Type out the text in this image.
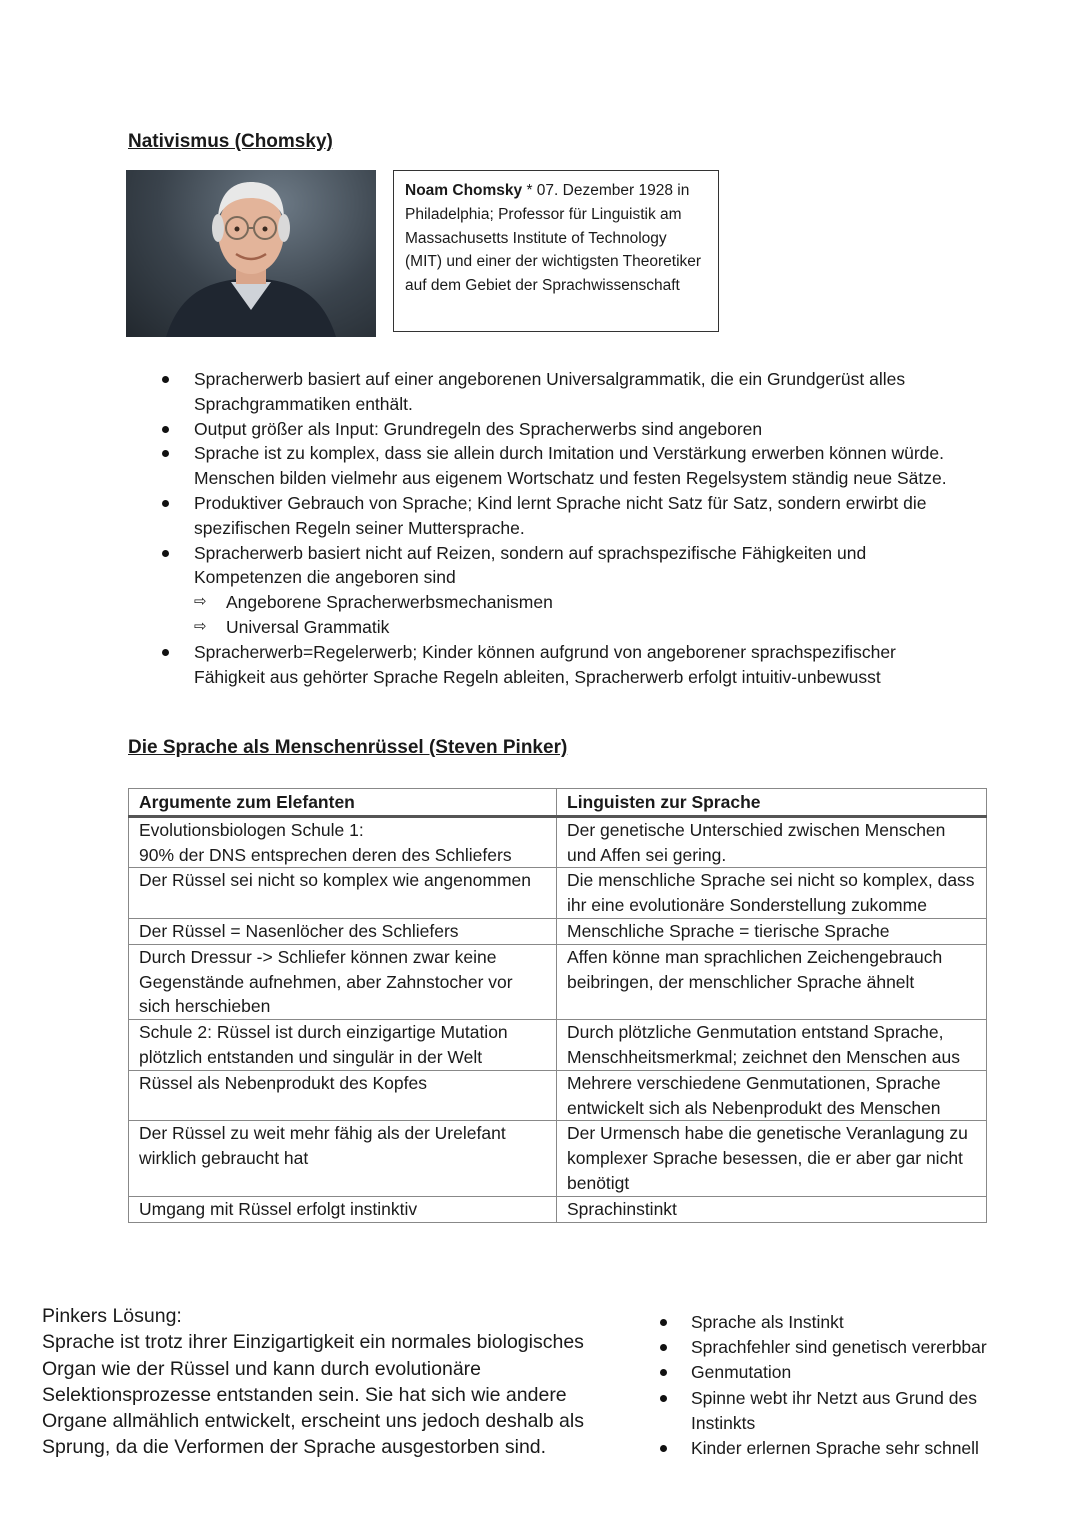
Nativismus (Chomsky)
Noam Chomsky * 07. Dezember 1928 in Philadelphia; Professor für Linguistik am Massachusetts Institute of Technology (MIT) und einer der wichtigsten Theoretiker auf dem Gebiet der Sprachwissenschaft
Spracherwerb basiert auf einer angeborenen Universalgrammatik, die ein Grundgerüst alles Sprachgrammatiken enthält.
Output größer als Input: Grundregeln des Spracherwerbs sind angeboren
Sprache ist zu komplex, dass sie allein durch Imitation und Verstärkung erwerben können würde. Menschen bilden vielmehr aus eigenem Wortschatz und festen Regelsystem ständig neue Sätze.
Produktiver Gebrauch von Sprache; Kind lernt Sprache nicht Satz für Satz, sondern erwirbt die spezifischen Regeln seiner Muttersprache.
Spracherwerb basiert nicht auf Reizen, sondern auf sprachspezifische Fähigkeiten und Kompetenzen die angeboren sind
⇨ Angeborene Spracherwerbsmechanismen
⇨ Universal Grammatik
Spracherwerb=Regelerwerb; Kinder können aufgrund von angeborener sprachspezifischer Fähigkeit aus gehörter Sprache Regeln ableiten, Spracherwerb erfolgt intuitiv-unbewusst
Die Sprache als Menschenrüssel (Steven Pinker)
Argumente zum Elefanten	Linguisten zur Sprache
Evolutionsbiologen Schule 1:
90% der DNS entsprechen deren des Schliefers	Der genetische Unterschied zwischen Menschen und Affen sei gering.
Der Rüssel sei nicht so komplex wie angenommen	Die menschliche Sprache sei nicht so komplex, dass ihr eine evolutionäre Sonderstellung zukomme
Der Rüssel = Nasenlöcher des Schliefers	Menschliche Sprache = tierische Sprache
Durch Dressur -> Schliefer können zwar keine Gegenstände aufnehmen, aber Zahnstocher vor sich herschieben	Affen könne man sprachlichen Zeichengebrauch beibringen, der menschlicher Sprache ähnelt
Schule 2: Rüssel ist durch einzigartige Mutation plötzlich entstanden und singulär in der Welt	Durch plötzliche Genmutation entstand Sprache, Menschheitsmerkmal; zeichnet den Menschen aus
Rüssel als Nebenprodukt des Kopfes	Mehrere verschiedene Genmutationen, Sprache entwickelt sich als Nebenprodukt des Menschen
Der Rüssel zu weit mehr fähig als der Urelefant wirklich gebraucht hat	Der Urmensch habe die genetische Veranlagung zu komplexer Sprache besessen, die er aber gar nicht benötigt
Umgang mit Rüssel erfolgt instinktiv	Sprachinstinkt

Pinkers Lösung:

Sprache ist trotz ihrer Einzigartigkeit ein normales biologisches Organ wie der Rüssel und kann durch evolutionäre Selektionsprozesse entstanden sein. Sie hat sich wie andere Organe allmählich entwickelt, erscheint uns jedoch deshalb als Sprung, da die Verformen der Sprache ausgestorben sind.

Sprache als Instinkt
Sprachfehler sind genetisch vererbbar
Genmutation
Spinne webt ihr Netzt aus Grund des Instinkts
Kinder erlernen Sprache sehr schnell
